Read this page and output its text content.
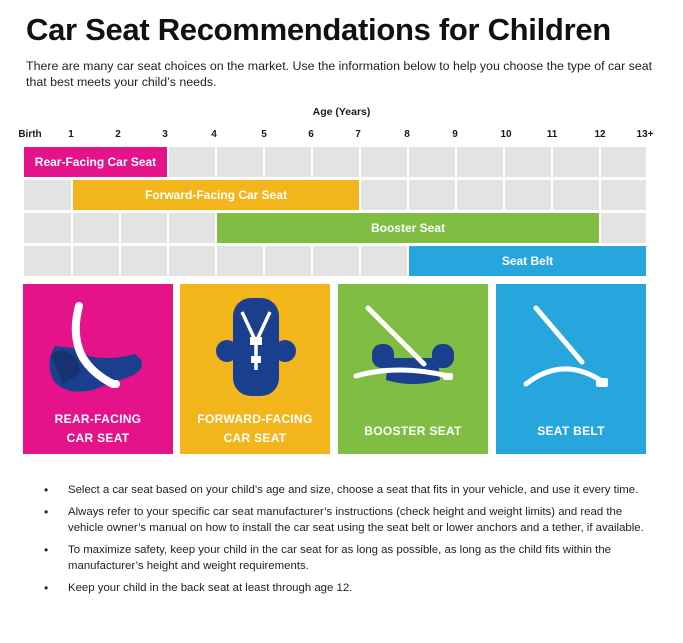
Car Seat Recommendations for Children
There are many car seat choices on the market. Use the information below to help you choose the type of car seat that best meets your child’s needs.
Age (Years)
Birth	1	2	3	4	5	6	7	8	9	10	11	12	13+
Rear-Facing Car Seat
Forward-Facing Car Seat
Booster Seat
Seat Belt
REAR-FACING
CAR SEAT
FORWARD-FACING
CAR SEAT	BOOSTER SEAT	SEAT BELT
• Select a car seat based on your child’s age and size, choose a seat that fits in your vehicle, and use it every time.
• Always refer to your specific car seat manufacturer’s instructions (check height and weight limits) and read the vehicle owner’s manual on how to install the car seat using the seat belt or lower anchors and a tether, if available.
• To maximize safety, keep your child in the car seat for as long as possible, as long as the child fits within the manufacturer’s height and weight requirements.
• Keep your child in the back seat at least through age 12.
